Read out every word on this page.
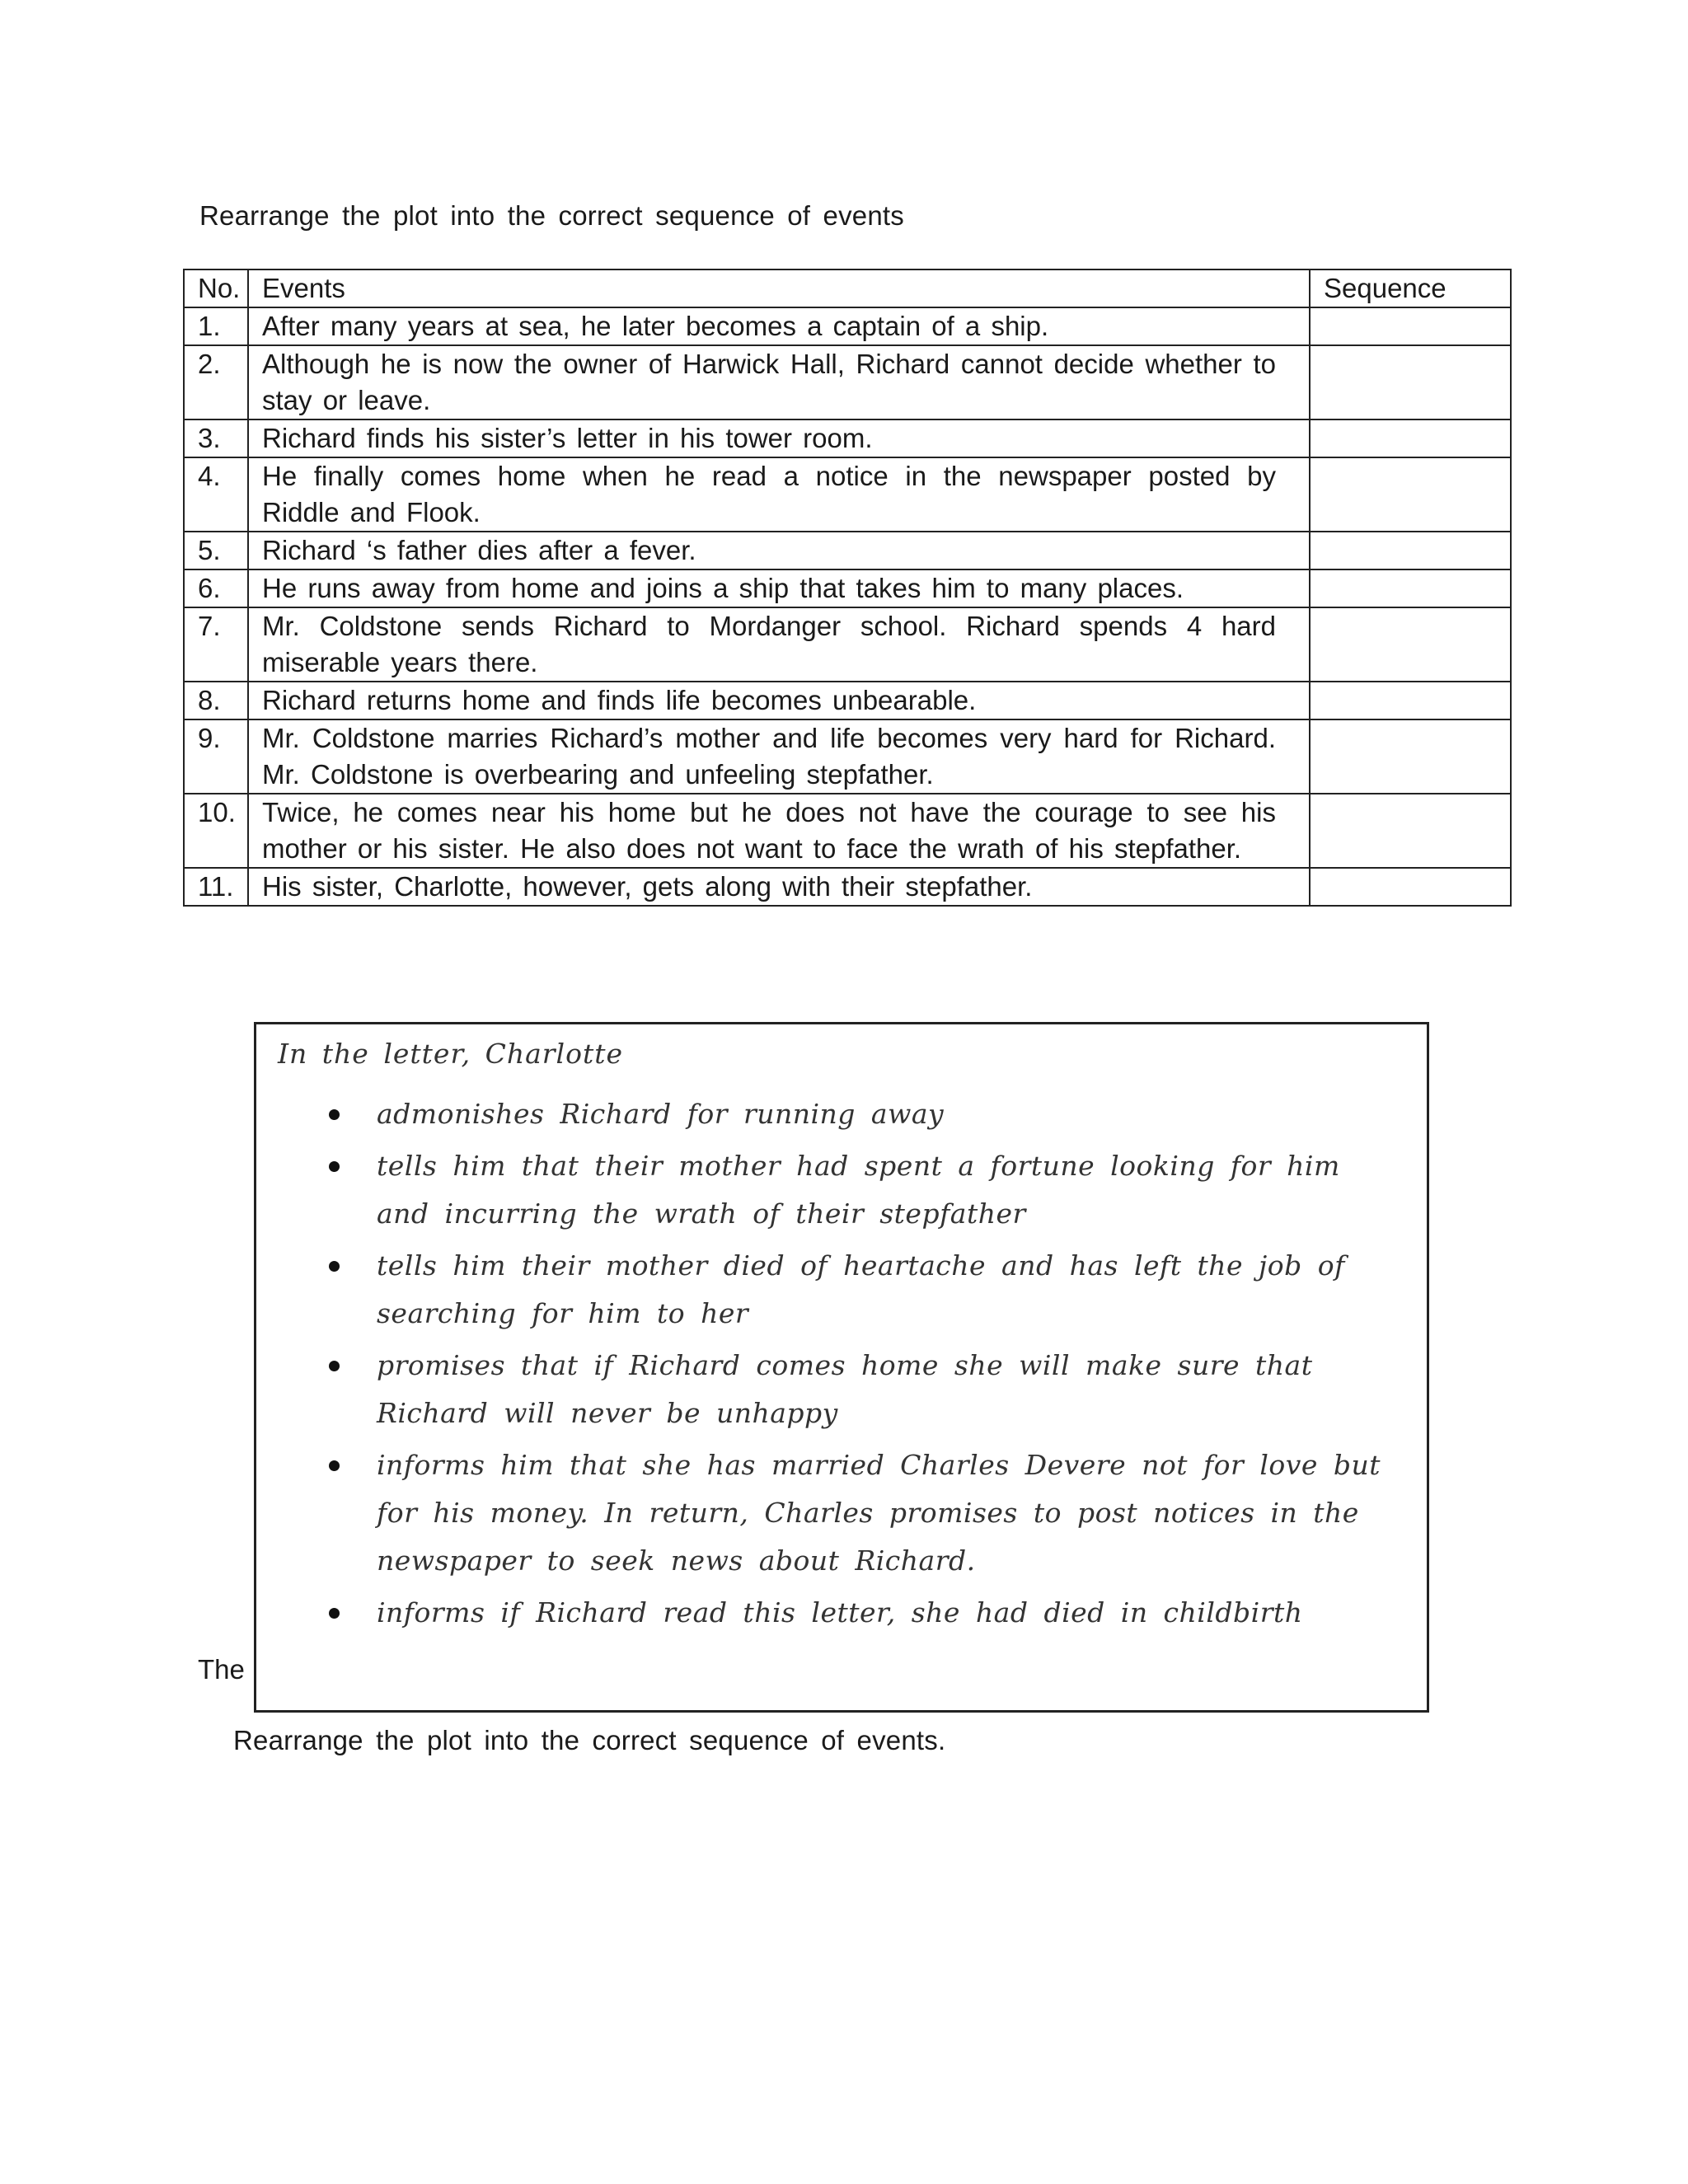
Rearrange the plot into the correct sequence of events
No.	Events	Sequence
1.	After many years at sea, he later becomes a captain of a ship.	
2.	Although he is now the owner of Harwick Hall, Richard cannot decide whether to stay or leave.	
3.	Richard finds his sister’s letter in his tower room.	
4.	He finally comes home when he read a notice in the newspaper posted by Riddle and Flook.	
5.	Richard ‘s father dies after a fever.	
6.	He runs away from home and joins a ship that takes him to many places.	
7.	Mr. Coldstone sends Richard to Mordanger school. Richard spends 4 hard miserable years there.	
8.	Richard returns home and finds life becomes unbearable.	
9.	Mr. Coldstone marries Richard’s mother and life becomes very hard for Richard. Mr. Coldstone is overbearing and unfeeling stepfather.	
10.	Twice, he comes near his home but he does not have the courage to see his mother or his sister. He also does not want to face the wrath of his stepfather.	
11.	His sister, Charlotte, however, gets along with their stepfather.	
In the letter, Charlotte
admonishes Richard for running away
tells him that their mother had spent a fortune looking for him and incurring the wrath of their stepfather
tells him their mother died of heartache and has left the job of searching for him to her
promises that if Richard comes home she will make sure that Richard will never be unhappy
informs him that she has married Charles Devere not for love but for his money. In return, Charles promises to post notices in the newspaper to seek news about Richard.
informs if Richard read this letter, she had died in childbirth
The
Rearrange the plot into the correct sequence of events.
